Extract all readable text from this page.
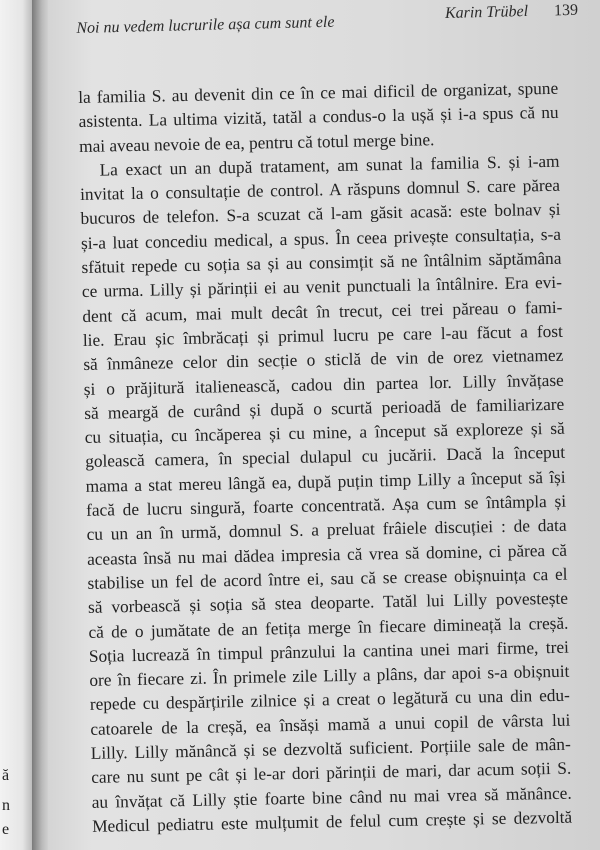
ă
n
e
Noi nu vedem lucrurile așa cum sunt ele
Karin Trübel 139
la familia S. au devenit din ce în ce mai dificil de organizat, spune
asistenta. La ultima vizită, tatăl a condus-o la ușă și i-a spus că nu
mai aveau nevoie de ea, pentru că totul merge bine.
La exact un an după tratament, am sunat la familia S. și i-am
invitat la o consultație de control. A răspuns domnul S. care părea
bucuros de telefon. S-a scuzat că l-am găsit acasă: este bolnav și
și-a luat concediu medical, a spus. În ceea privește consultația, s-a
sfătuit repede cu soția sa și au consimțit să ne întâlnim săptămâna
ce urma. Lilly și părinții ei au venit punctuali la întâlnire. Era evi-
dent că acum, mai mult decât în trecut, cei trei păreau o fami-
lie. Erau șic îmbrăcați și primul lucru pe care l-au făcut a fost
să înmâneze celor din secție o sticlă de vin de orez vietnamez
și o prăjitură italienească, cadou din partea lor. Lilly învățase
să meargă de curând și după o scurtă perioadă de familiarizare
cu situația, cu încăperea și cu mine, a început să exploreze și să
golească camera, în special dulapul cu jucării. Dacă la început
mama a stat mereu lângă ea, după puțin timp Lilly a început să își
facă de lucru singură, foarte concentrată. Așa cum se întâmpla și
cu un an în urmă, domnul S. a preluat frâiele discuției : de data
aceasta însă nu mai dădea impresia că vrea să domine, ci părea că
stabilise un fel de acord între ei, sau că se crease obișnuința ca el
să vorbească și soția să stea deoparte. Tatăl lui Lilly povestește
că de o jumătate de an fetița merge în fiecare dimineață la creșă.
Soția lucrează în timpul prânzului la cantina unei mari firme, trei
ore în fiecare zi. În primele zile Lilly a plâns, dar apoi s-a obișnuit
repede cu despărțirile zilnice și a creat o legătură cu una din edu-
catoarele de la creșă, ea însăși mamă a unui copil de vârsta lui
Lilly. Lilly mănâncă și se dezvoltă suficient. Porțiile sale de mân-
care nu sunt pe cât și le-ar dori părinții de mari, dar acum soții S.
au învățat că Lilly știe foarte bine când nu mai vrea să mănânce.
Medicul pediatru este mulțumit de felul cum crește și se dezvoltă
